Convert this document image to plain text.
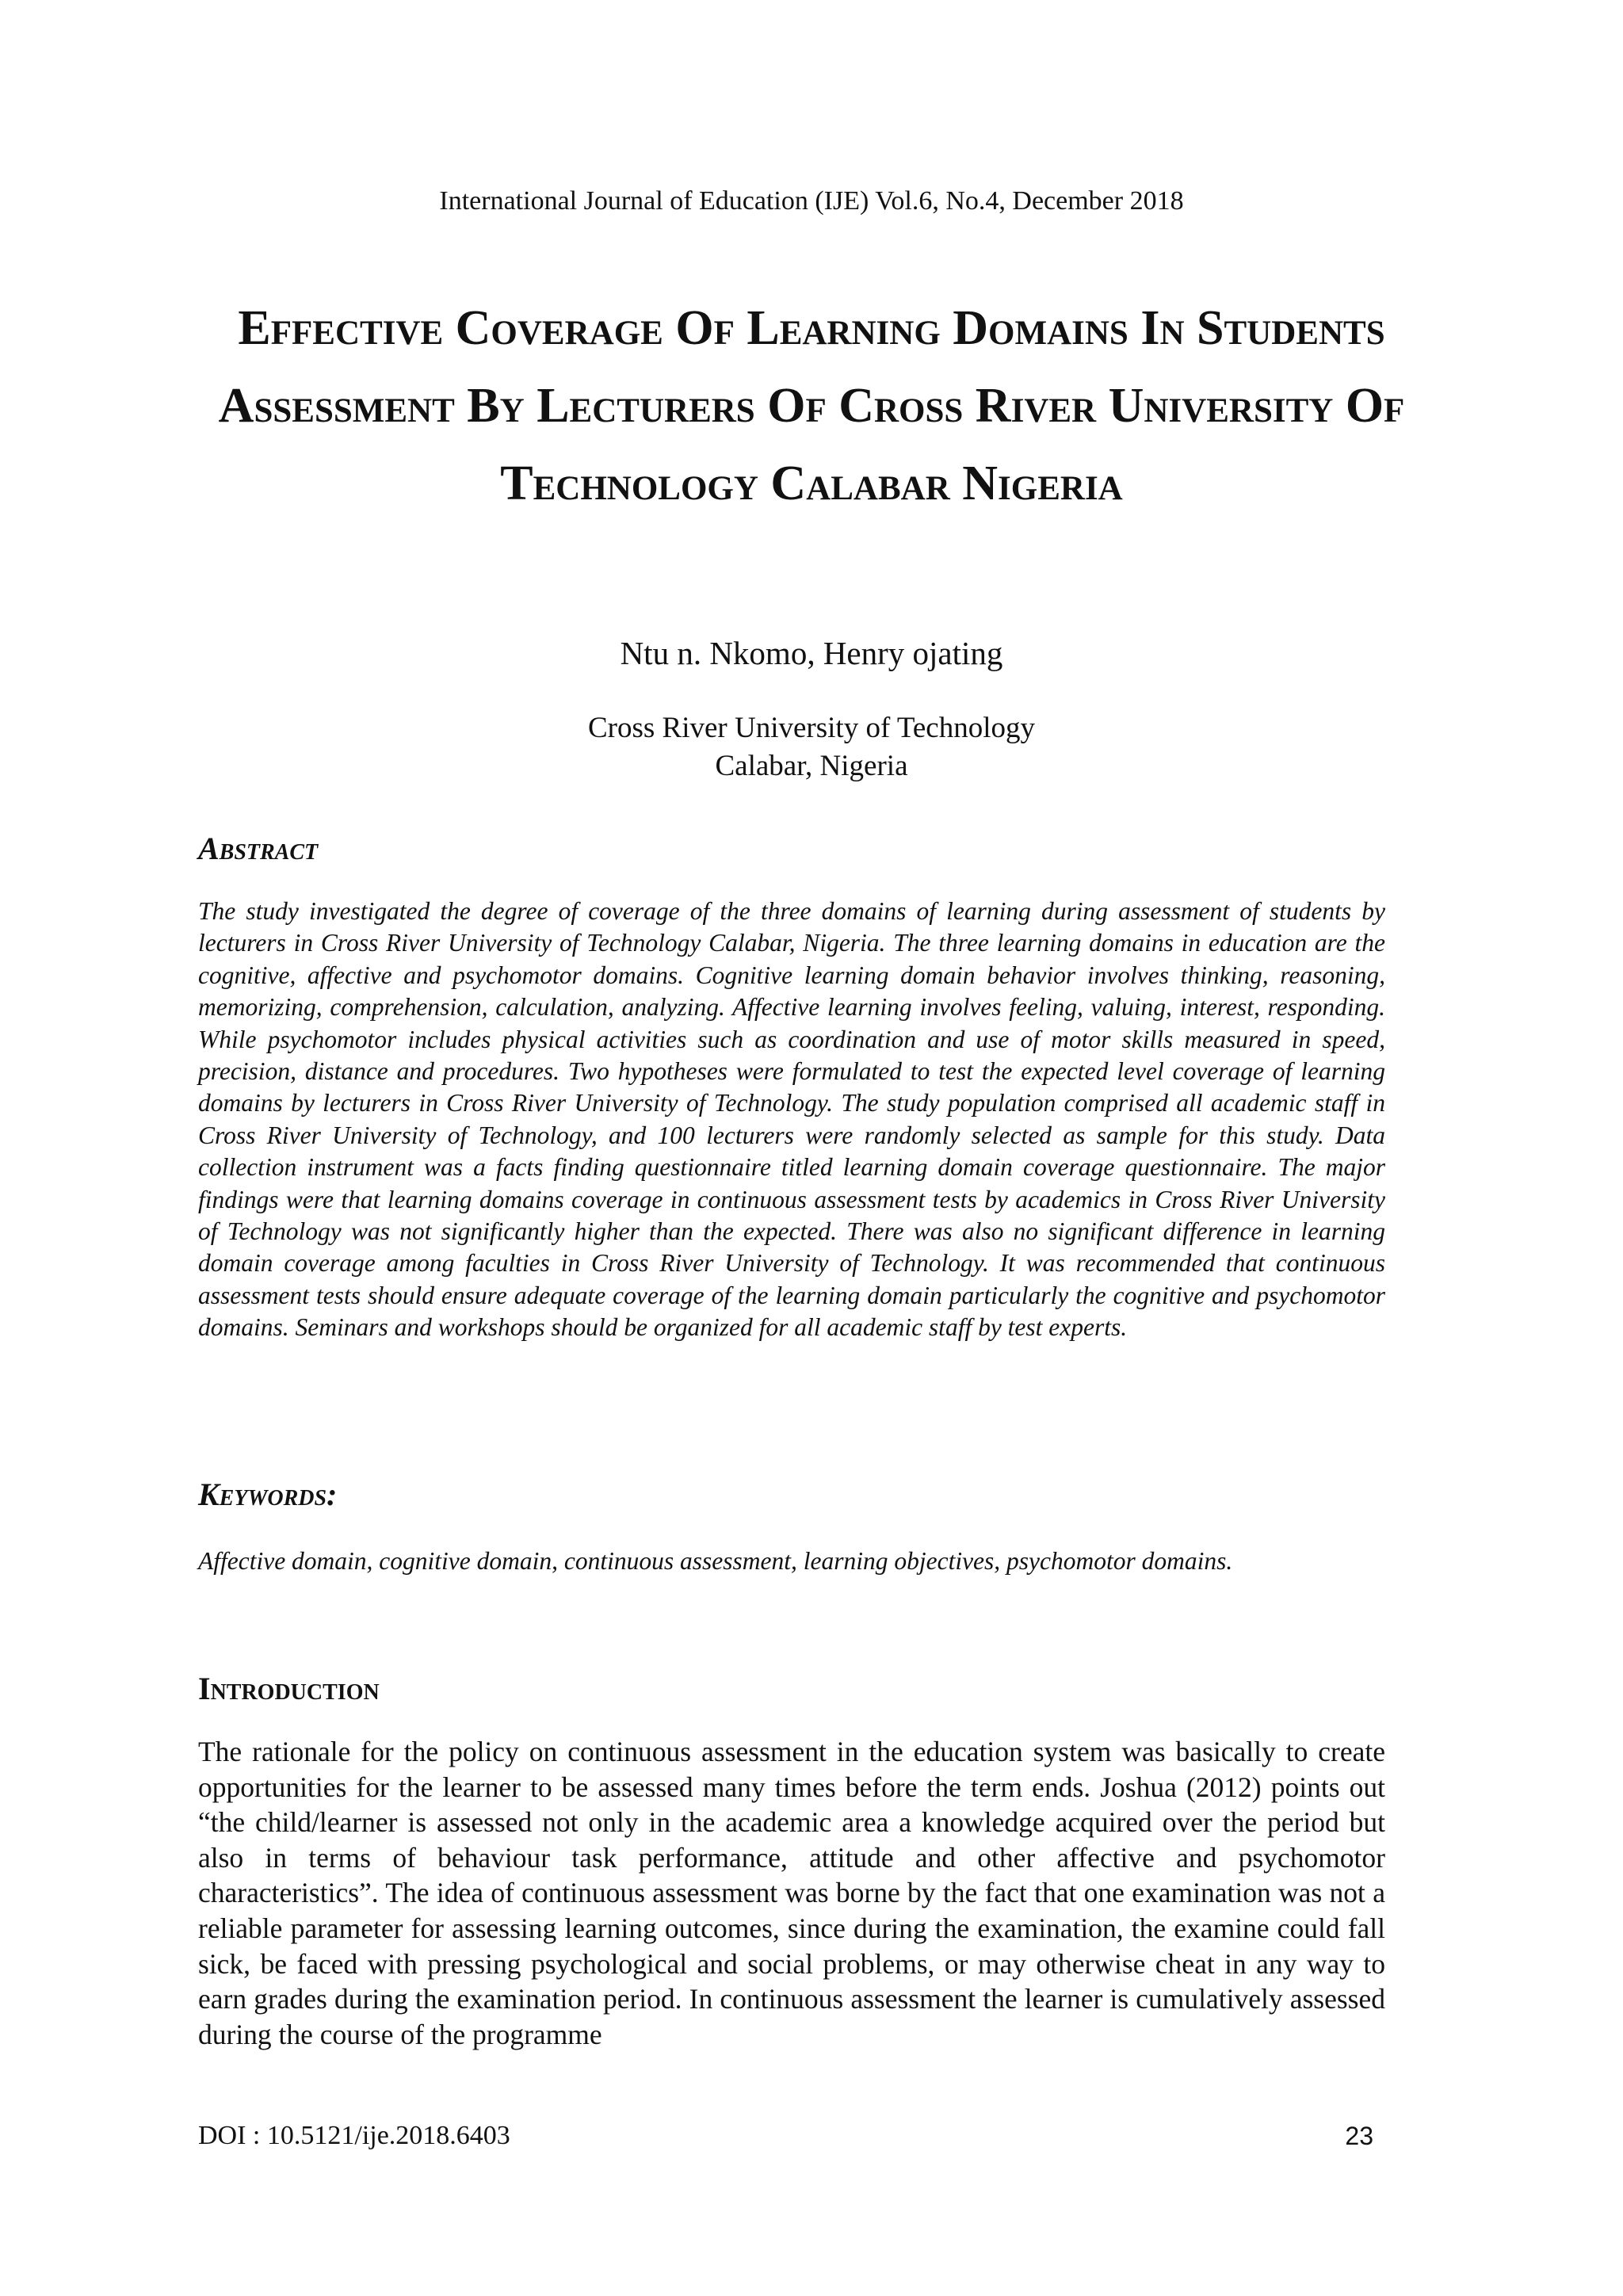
International Journal of Education (IJE) Vol.6, No.4, December 2018
Effective Coverage Of Learning Domains In Students Assessment By Lecturers Of Cross River University Of Technology Calabar Nigeria
Ntu n. Nkomo, Henry ojating
Cross River University of Technology
Calabar, Nigeria
Abstract

The study investigated the degree of coverage of the three domains of learning during assessment of students by lecturers in Cross River University of Technology Calabar, Nigeria. The three learning domains in education are the cognitive, affective and psychomotor domains. Cognitive learning domain behavior involves thinking, reasoning, memorizing, comprehension, calculation, analyzing. Affective learning involves feeling, valuing, interest, responding. While psychomotor includes physical activities such as coordination and use of motor skills measured in speed, precision, distance and procedures. Two hypotheses were formulated to test the expected level coverage of learning domains by lecturers in Cross River University of Technology. The study population comprised all academic staff in Cross River University of Technology, and 100 lecturers were randomly selected as sample for this study. Data collection instrument was a facts finding questionnaire titled learning domain coverage questionnaire. The major findings were that learning domains coverage in continuous assessment tests by academics in Cross River University of Technology was not significantly higher than the expected. There was also no significant difference in learning domain coverage among faculties in Cross River University of Technology. It was recommended that continuous assessment tests should ensure adequate coverage of the learning domain particularly the cognitive and psychomotor domains. Seminars and workshops should be organized for all academic staff by test experts.

Keywords:

Affective domain, cognitive domain, continuous assessment, learning objectives, psychomotor domains.

Introduction

The rationale for the policy on continuous assessment in the education system was basically to create opportunities for the learner to be assessed many times before the term ends. Joshua (2012) points out “the child/learner is assessed not only in the academic area a knowledge acquired over the period but also in terms of behaviour task performance, attitude and other affective and psychomotor characteristics”. The idea of continuous assessment was borne by the fact that one examination was not a reliable parameter for assessing learning outcomes, since during the examination, the examine could fall sick, be faced with pressing psychological and social problems, or may otherwise cheat in any way to earn grades during the examination period. In continuous assessment the learner is cumulatively assessed during the course of the programme

DOI : 10.5121/ije.2018.6403	23
